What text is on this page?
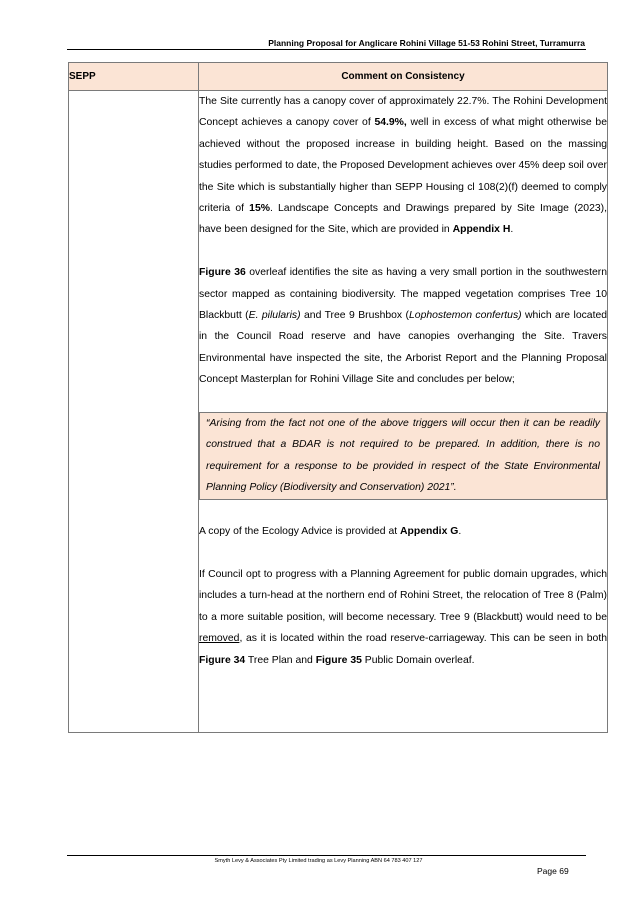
Planning Proposal for Anglicare Rohini Village 51-53 Rohini Street, Turramurra
SEPP	Comment on Consistency

	The Site currently has a canopy cover of approximately 22.7%. The Rohini Development Concept achieves a canopy cover of 54.9%, well in excess of what might otherwise be achieved without the proposed increase in building height. Based on the massing studies performed to date, the Proposed Development achieves over 45% deep soil over the Site which is substantially higher than SEPP Housing cl 108(2)(f) deemed to comply criteria of 15%. Landscape Concepts and Drawings prepared by Site Image (2023), have been designed for the Site, which are provided in Appendix H.

Figure 36 overleaf identifies the site as having a very small portion in the southwestern sector mapped as containing biodiversity. The mapped vegetation comprises Tree 10 Blackbutt (E. pilularis) and Tree 9 Brushbox (Lophostemon confertus) which are located in the Council Road reserve and have canopies overhanging the Site. Travers Environmental have inspected the site, the Arborist Report and the Planning Proposal Concept Masterplan for Rohini Village Site and concludes per below;

“Arising from the fact not one of the above triggers will occur then it can be readily construed that a BDAR is not required to be prepared. In addition, there is no requirement for a response to be provided in respect of the State Environmental Planning Policy (Biodiversity and Conservation) 2021”.

A copy of the Ecology Advice is provided at Appendix G.

If Council opt to progress with a Planning Agreement for public domain upgrades, which includes a turn-head at the northern end of Rohini Street, the relocation of Tree 8 (Palm) to a more suitable position, will become necessary. Tree 9 (Blackbutt) would need to be removed, as it is located within the road reserve-carriageway. This can be seen in both Figure 34 Tree Plan and Figure 35 Public Domain overleaf.

Smyth Levy & Associates Pty Limited trading as Levy Planning ABN 64 783 407 127
Page 69
